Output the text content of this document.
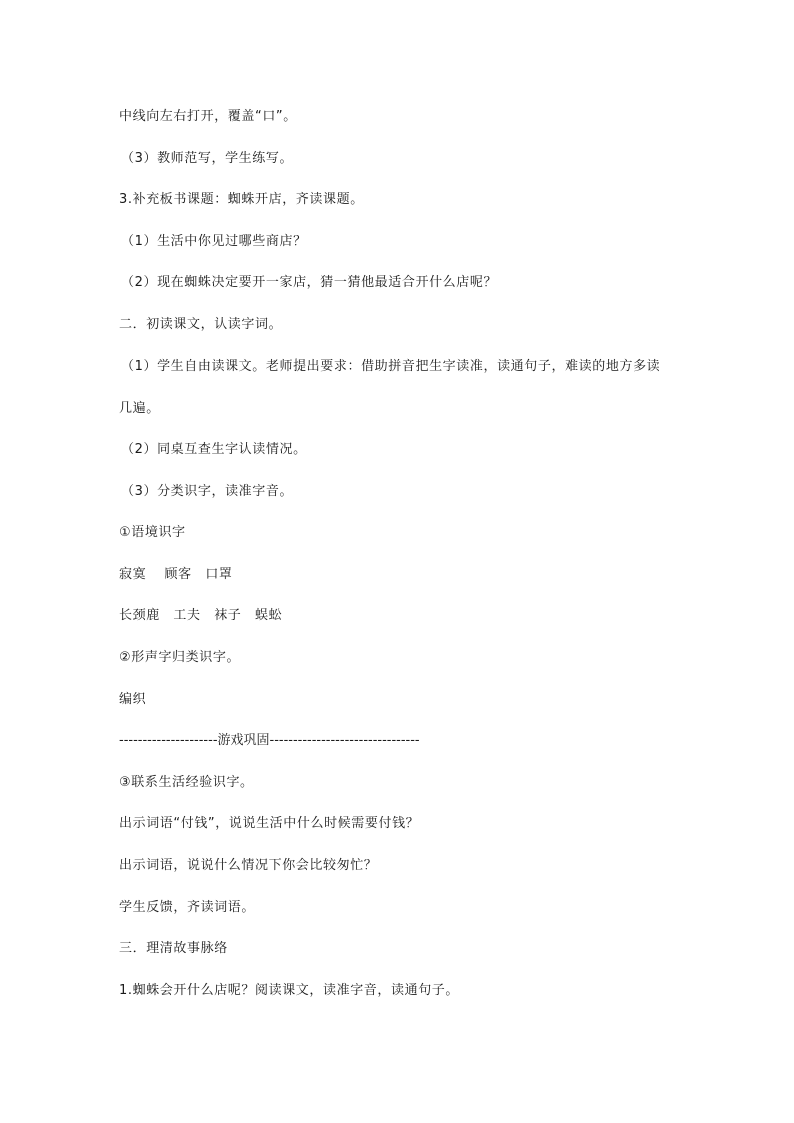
中线向左右打开，覆盖“口”。
（3）教师范写，学生练写。
3.补充板书课题：蜘蛛开店，齐读课题。
（1）生活中你见过哪些商店？
（2）现在蜘蛛决定要开一家店，猜一猜他最适合开什么店呢？
二．初读课文，认读字词。
（1）学生自由读课文。老师提出要求：借助拼音把生字读准，读通句子，难读的地方多读
几遍。
（2）同桌互查生字认读情况。
（3）分类识字，读准字音。
①语境识字
寂寞　 顾客　口罩
长颈鹿　工夫　袜子　蜈蚣
②形声字归类识字。
编织
---------------------游戏巩固--------------------------------
③联系生活经验识字。
出示词语“付钱”，说说生活中什么时候需要付钱？
出示词语，说说什么情况下你会比较匆忙？
学生反馈，齐读词语。
三．理清故事脉络
1.蜘蛛会开什么店呢？阅读课文，读准字音，读通句子。
